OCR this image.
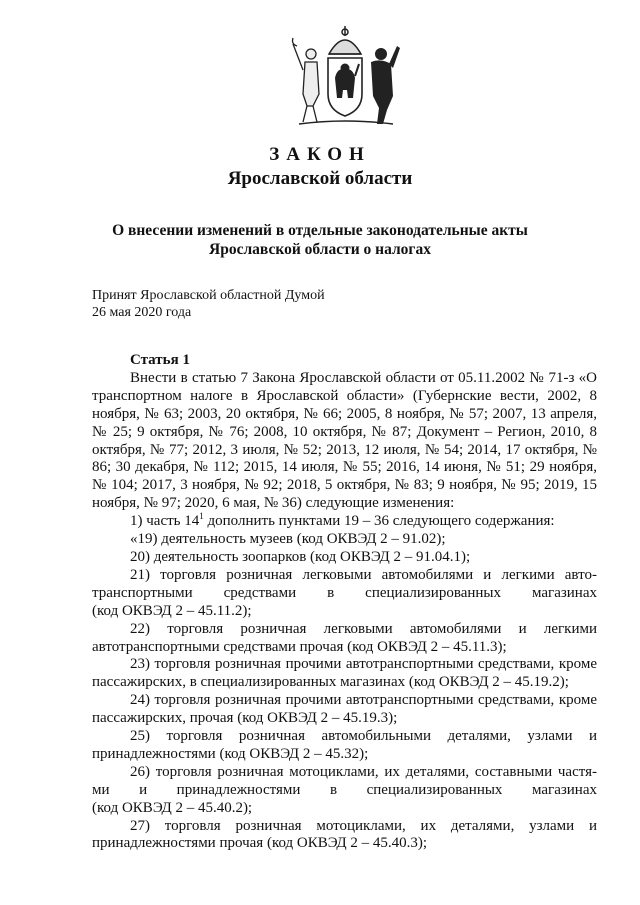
ЗАКОН
Ярославской области
О внесении изменений в отдельные законодательные акты
Ярославской области о налогах
Принят Ярославской областной Думой
26 мая 2020 года
Статья 1

Внести в статью 7 Закона Ярославской области от 05.11.2002 № 71-з «О транспортном налоге в Ярославской области» (Губернские вести, 2002, 8 ноября, № 63; 2003, 20 октября, № 66; 2005, 8 ноября, № 57; 2007, 13 апреля, № 25; 9 октября, № 76; 2008, 10 октября, № 87; Документ – Регион, 2010, 8 октября, № 77; 2012, 3 июля, № 52; 2013, 12 июля, № 54; 2014, 17 октября, № 86; 30 декабря, № 112; 2015, 14 июля, № 55; 2016, 14 июня, № 51; 29 ноября, № 104; 2017, 3 ноября, № 92; 2018, 5 октября, № 83; 9 ноября, № 95; 2019, 15 ноября, № 97; 2020, 6 мая, № 36) следующие изменения:

1) часть $14^1$ дополнить пунктами 19 – 36 следующего содержания:

«19) деятельность музеев (код ОКВЭД 2 – 91.02);

20) деятельность зоопарков (код ОКВЭД 2 – 91.04.1);

21) торговля розничная легковыми автомобилями и легкими авто-

транспортными средствами в специализированных магазинах

(код ОКВЭД 2 – 45.11.2);

22) торговля розничная легковыми автомобилями и легкими автотранспортными средствами прочая (код ОКВЭД 2 – 45.11.3);

23) торговля розничная прочими автотранспортными средствами, кроме пассажирских, в специализированных магазинах (код ОКВЭД 2 – 45.19.2);

24) торговля розничная прочими автотранспортными средствами, кроме пассажирских, прочая (код ОКВЭД 2 – 45.19.3);

25) торговля розничная автомобильными деталями, узлами и принадлежностями (код ОКВЭД 2 – 45.32);

26) торговля розничная мотоциклами, их деталями, составными частя-

ми и принадлежностями в специализированных магазинах

(код ОКВЭД 2 – 45.40.2);

27) торговля розничная мотоциклами, их деталями, узлами и принадлежностями прочая (код ОКВЭД 2 – 45.40.3);
